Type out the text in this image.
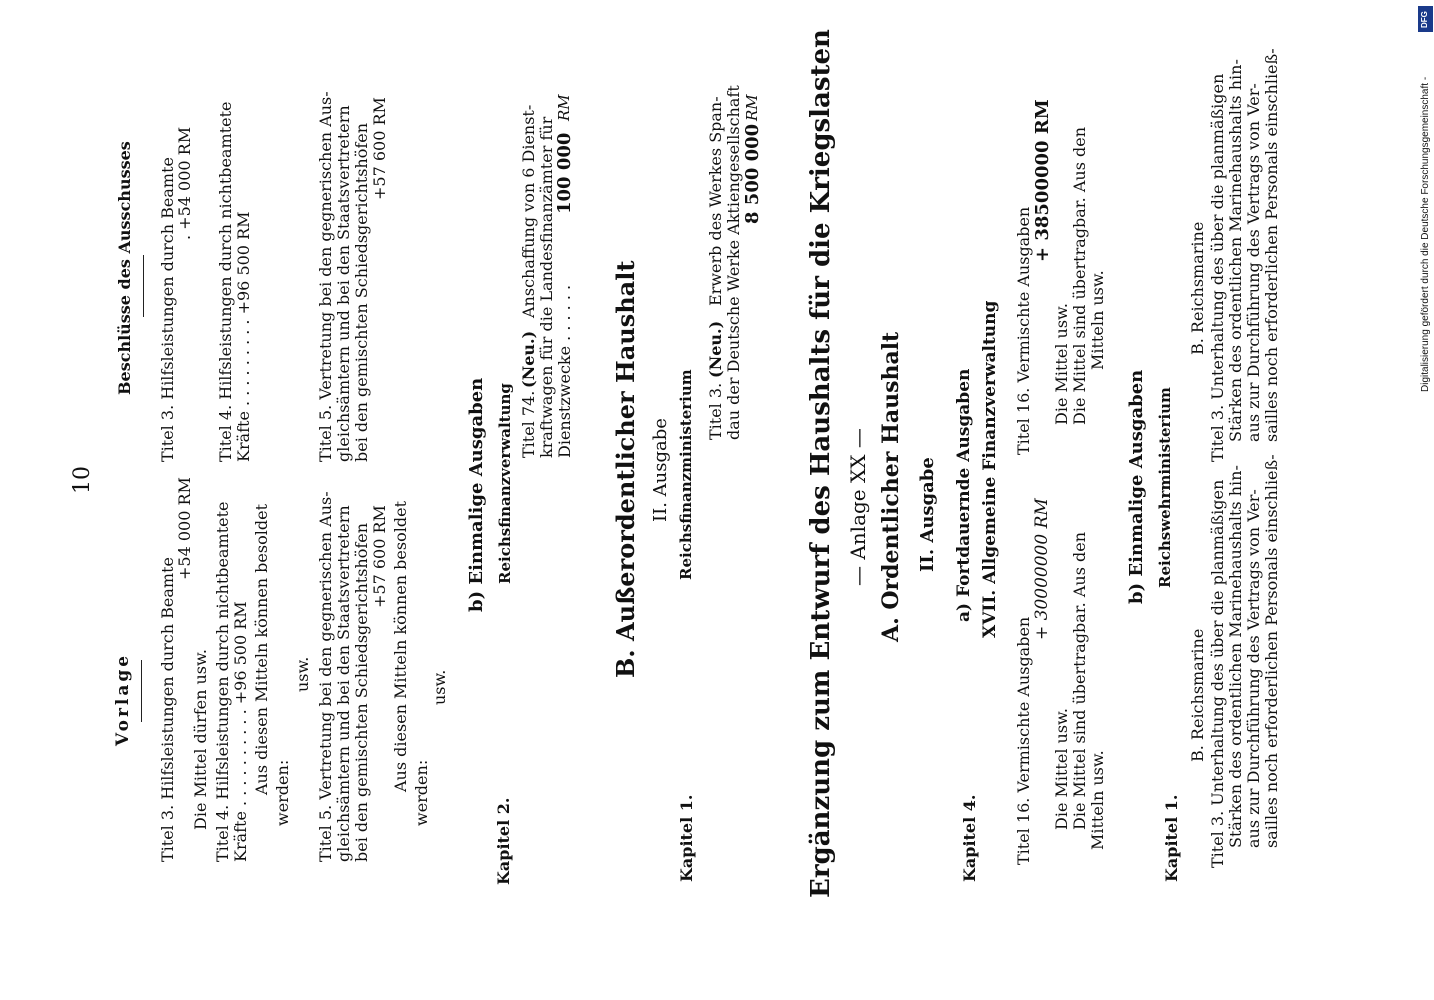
10
Vorlage Titel 3. Hilfsleistungen durch Beamte
+54 000 RM
Die Mittel dürfen usw. Titel 4. Hilfsleistungen durch nichtbeamtete Kräfte . . . . . . . . . . +96 500 RM Aus diesen Mitteln können besoldet werden:
usw. Titel 5. Vertretung bei den gegnerischen Aus- gleichsämtern und bei den Staatsvertretern bei den gemischten Schiedsgerichtshöfen +57 600 RM Aus diesen Mitteln können besoldet
werden:
usw.
Beschlüsse des Ausschusses Titel 3. Hilfsleistungen durch Beamte
. +54 000 RM Titel 4. Hilfsleistungen durch nichtbeamtete Kräfte . . . . . . . . . +96 500 RM	Titel 5. Vertretung bei den gegnerischen Aus- gleichsämtern und bei den Staatsvertretern bei den gemischten Schiedsgerichtshöfen +57 600 RM
b) Einmalige Ausgaben
Kapitel 2.
Reichsfinanzverwaltung Titel 74.
(Neu.)
Anschaffung von 6 Dienst- kraftwagen für die Landesfinanzämter für Dienstzwecke . . . . . .
100 000
RM
B. Außerordentlicher Haushalt II. Ausgabe Reichsfinanzministerium
Kapitel 1.
Titel 3.
(Neu.)
Erwerb des Werkes Span- dau der Deutsche Werke Aktiengesellschaft 8 500 000
RM Ergänzung zum Entwurf des Haushalts für die Kriegslasten — Anlage XX — A. Ordentlicher Haushalt II. Ausgabe a) Fortdauernde Ausgaben XVII. Allgemeine Finanzverwaltung
Kapitel 4. Titel 16. Vermischte Ausgaben
+ 30000000 RM
Die Mittel usw. Die Mittel sind übertragbar. Aus den Mitteln usw.
Titel 16. Vermischte Ausgaben
+ 38500000 RM
Die Mittel usw. Die Mittel sind übertragbar. Aus den Mitteln usw.
b) Einmalige Ausgaben Reichswehrministerium
Kapitel 1.
B. Reichsmarine Titel 3. Unterhaltung des über die planmäßigen Stärken des ordentlichen Marinehaushalts hin- aus zur Durchführung des Vertrags von Ver- sailles noch erforderlichen Personals einschließ-
B. Reichsmarine Titel 3. Unterhaltung des über die planmäßigen Stärken des ordentlichen Marinehaushalts hin- aus zur Durchführung des Vertrags von Ver- sailles noch erforderlichen Personals einschließ-	Digitalisierung gefördert durch die Deutsche Forschungsgemeinschaft -
DFG
